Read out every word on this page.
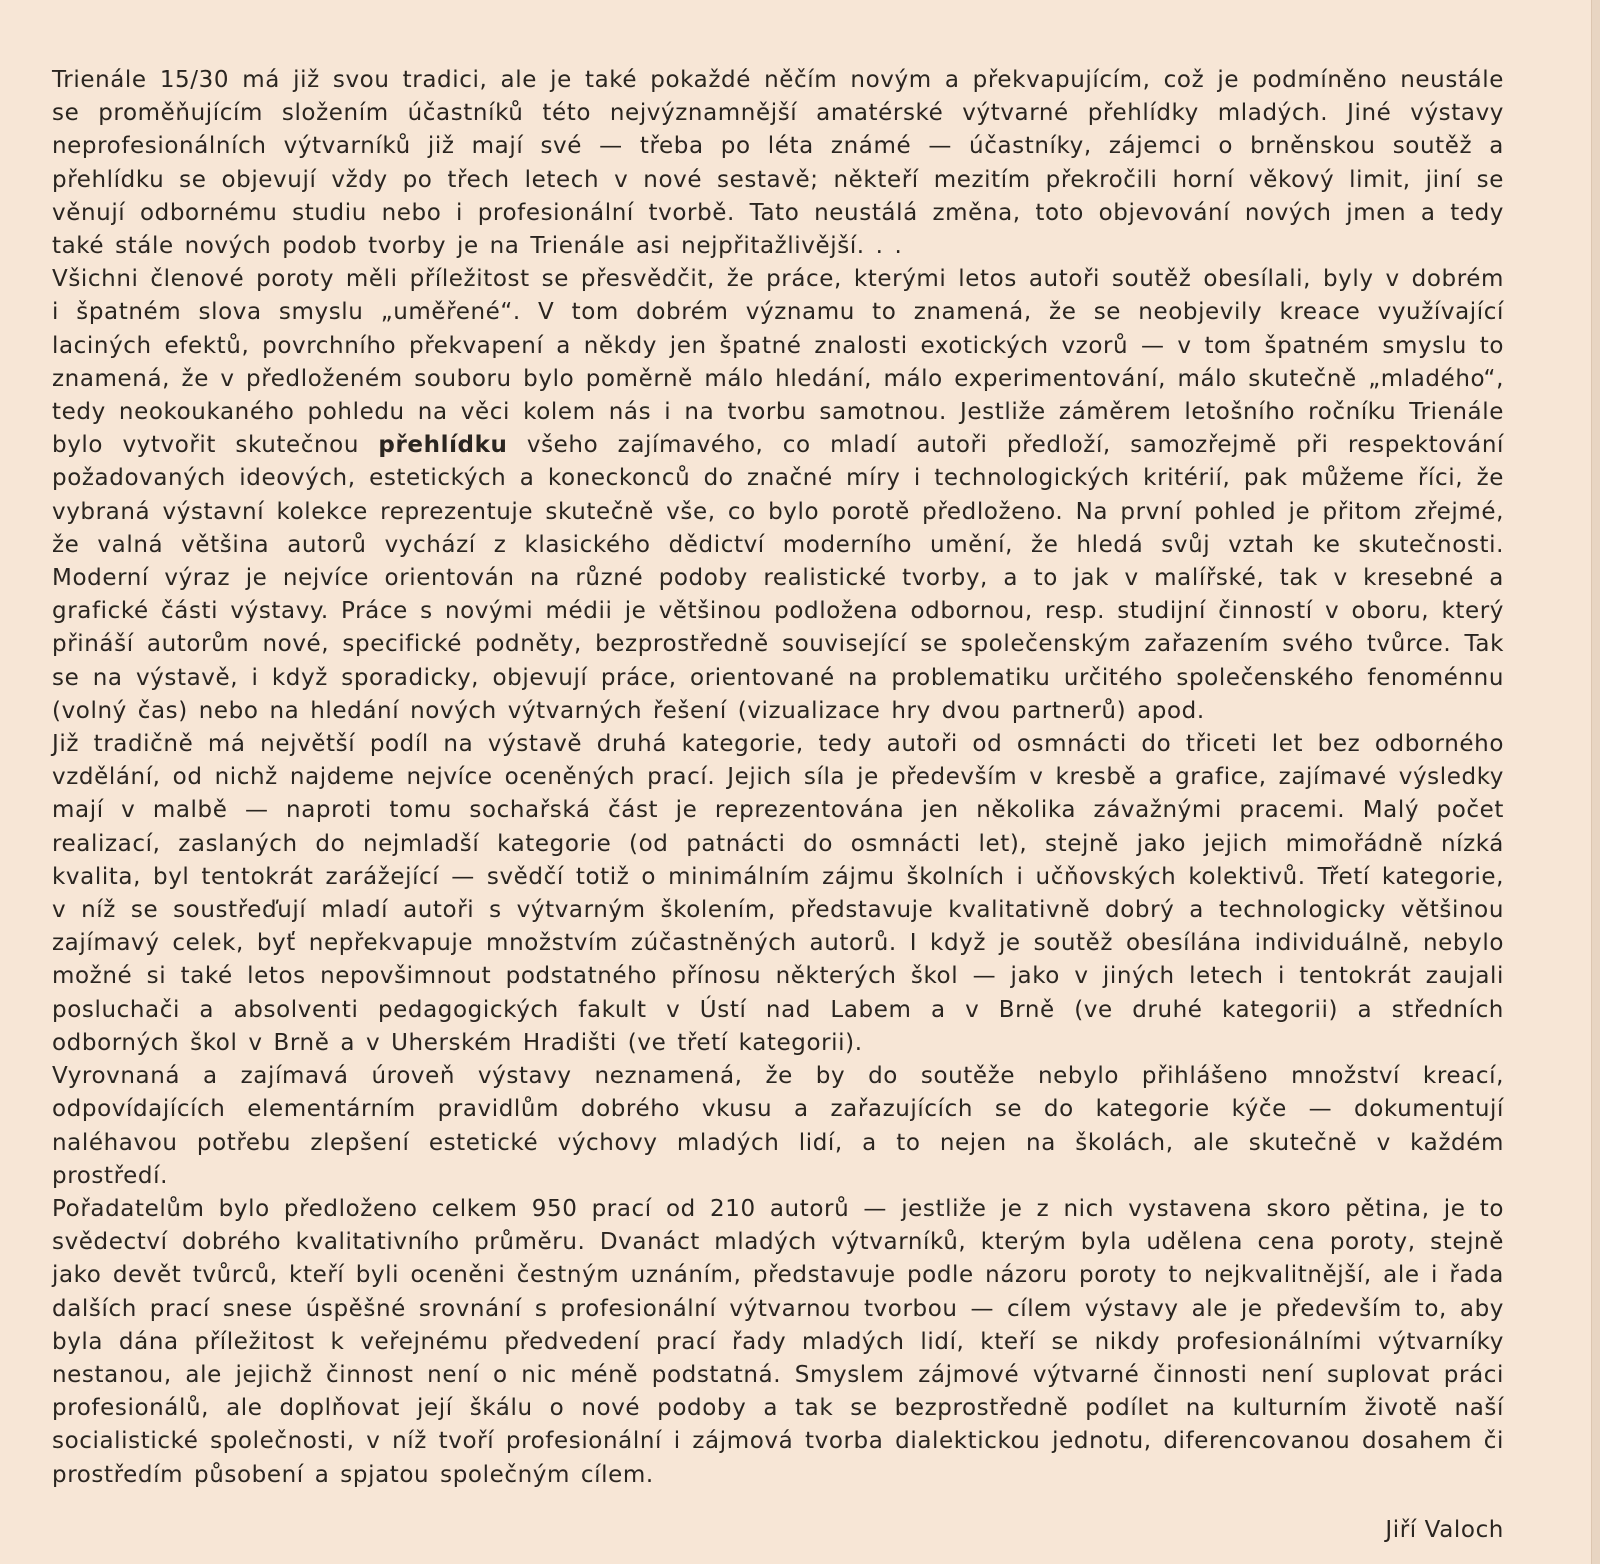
Trienále 15/30 má již svou tradici, ale je také pokaždé něčím novým a překvapujícím, což je podmíněno neustále se proměňujícím složením účastníků této nejvýznamnější amatérské výtvarné přehlídky mladých. Jiné výstavy neprofesionálních výtvarníků již mají své — třeba po léta známé — účastníky, zájemci o brněnskou soutěž a přehlídku se objevují vždy po třech letech v nové sestavě; někteří mezitím překročili horní věkový limit, jiní se věnují odbornému studiu nebo i profesionální tvorbě. Tato neustálá změna, toto objevování nových jmen a tedy také stále nových podob tvorby je na Trienále asi nejpřitažlivější. . .

Všichni členové poroty měli příležitost se přesvědčit, že práce, kterými letos autoři soutěž obesílali, byly v dobrém i špatném slova smyslu „uměřené“. V tom dobrém významu to znamená, že se neobjevily kreace využívající laciných efektů, povrchního překvapení a někdy jen špatné znalosti exotických vzorů — v tom špatném smyslu to znamená, že v předloženém souboru bylo poměrně málo hledání, málo experimentování, málo skutečně „mladého“, tedy neokoukaného pohledu na věci kolem nás i na tvorbu samotnou. Jestliže záměrem letošního ročníku Trienále bylo vytvořit skutečnou přehlídku všeho zajímavého, co mladí autoři předloží, samozřejmě při respektování požadovaných ideových, estetických a koneckonců do značné míry i technologických kritérií, pak můžeme říci, že vybraná výstavní kolekce reprezentuje skutečně vše, co bylo porotě předloženo. Na první pohled je přitom zřejmé, že valná většina autorů vychází z klasického dědictví moderního umění, že hledá svůj vztah ke skutečnosti. Moderní výraz je nejvíce orientován na různé podoby realistické tvorby, a to jak v malířské, tak v kresebné a grafické části výstavy. Práce s novými médii je většinou podložena odbornou, resp. studijní činností v oboru, který přináší autorům nové, specifické podněty, bezprostředně související se společenským zařazením svého tvůrce. Tak se na výstavě, i když sporadicky, objevují práce, orientované na problematiku určitého společenského fenoménnu (volný čas) nebo na hledání nových výtvarných řešení (vizualizace hry dvou partnerů) apod.

Již tradičně má největší podíl na výstavě druhá kategorie, tedy autoři od osmnácti do třiceti let bez odborného vzdělání, od nichž najdeme nejvíce oceněných prací. Jejich síla je především v kresbě a grafice, zajímavé výsledky mají v malbě — naproti tomu sochařská část je reprezentována jen několika závažnými pracemi. Malý počet realizací, zaslaných do nejmladší kategorie (od patnácti do osmnácti let), stejně jako jejich mimořádně nízká kvalita, byl tentokrát zarážející — svědčí totiž o minimálním zájmu školních i učňovských kolektivů. Třetí kategorie, v níž se soustřeďují mladí autoři s výtvarným školením, představuje kvalitativně dobrý a technologicky většinou zajímavý celek, byť nepřekvapuje množstvím zúčastněných autorů. I když je soutěž obesílána individuálně, nebylo možné si také letos nepovšimnout podstatného přínosu některých škol — jako v jiných letech i tentokrát zaujali posluchači a absolventi pedagogických fakult v Ústí nad Labem a v Brně (ve druhé kategorii) a středních odborných škol v Brně a v Uherském Hradišti (ve třetí kategorii).

Vyrovnaná a zajímavá úroveň výstavy neznamená, že by do soutěže nebylo přihlášeno množství kreací, odpovídajících elementárním pravidlům dobrého vkusu a zařazujících se do kategorie kýče — dokumentují naléhavou potřebu zlepšení estetické výchovy mladých lidí, a to nejen na školách, ale skutečně v každém prostředí.

Pořadatelům bylo předloženo celkem 950 prací od 210 autorů — jestliže je z nich vystavena skoro pětina, je to svědectví dobrého kvalitativního průměru. Dvanáct mladých výtvarníků, kterým byla udělena cena poroty, stejně jako devět tvůrců, kteří byli oceněni čestným uznáním, představuje podle názoru poroty to nejkvalitnější, ale i řada dalších prací snese úspěšné srovnání s profesionální výtvarnou tvorbou — cílem výstavy ale je především to, aby byla dána příležitost k veřejnému předvedení prací řady mladých lidí, kteří se nikdy profesionálními výtvarníky nestanou, ale jejichž činnost není o nic méně podstatná. Smyslem zájmové výtvarné činnosti není suplovat práci profesionálů, ale doplňovat její škálu o nové podoby a tak se bezprostředně podílet na kulturním životě naší socialistické společnosti, v níž tvoří profesionální i zájmová tvorba dialektickou jednotu, diferencovanou dosahem či prostředím působení a spjatou společným cílem.

Jiří Valoch
